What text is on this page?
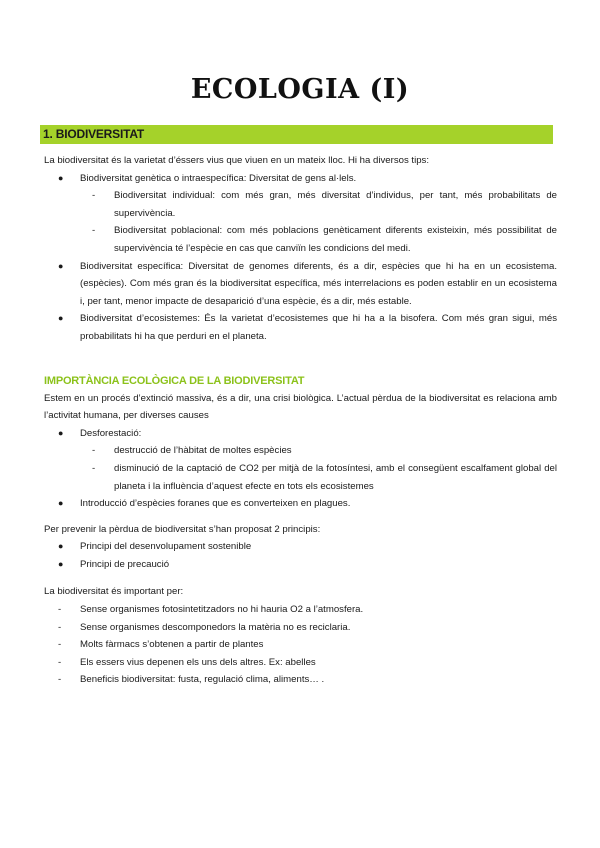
ECOLOGIA (I)
1. BIODIVERSITAT

La biodiversitat és la varietat d’éssers vius que viuen en un mateix lloc. Hi ha diversos tips:

● Biodiversitat genètica o intraespecífica: Diversitat de gens al·lels.
- Biodiversitat individual: com més gran, més diversitat d’individus, per tant, més probabilitats de supervivència.
- Biodiversitat poblacional: com més poblacions genèticament diferents existeixin, més possibilitat de supervivència té l’espècie en cas que canviïn les condicions del medi.
● Biodiversitat específica: Diversitat de genomes diferents, és a dir, espècies que hi ha en un ecosistema. (espècies). Com més gran és la biodiversitat específica, més interrelacions es poden establir en un ecosistema i, per tant, menor impacte de desaparició d’una espècie, és a dir, més estable.
● Biodiversitat d’ecosistemes: És la varietat d’ecosistemes que hi ha a la bisofera. Com més gran sigui, més probabilitats hi ha que perduri en el planeta.
IMPORTÀNCIA ECOLÒGICA DE LA BIODIVERSITAT

Estem en un procés d’extinció massiva, és a dir, una crisi biològica. L’actual pèrdua de la biodiversitat es relaciona amb l’activitat humana, per diverses causes

● Desforestació:
- destrucció de l’hàbitat de moltes espècies
- disminució de la captació de CO2 per mitjà de la fotosíntesi, amb el consegüent escalfament global del planeta i la influència d’aquest efecte en tots els ecosistemes
● Introducció d’espècies foranes que es converteixen en plagues.

Per prevenir la pèrdua de biodiversitat s’han proposat 2 principis:

● Principi del desenvolupament sostenible
● Principi de precaució

La biodiversitat és important per:

- Sense organismes fotosintetitzadors no hi hauria O2 a l’atmosfera.
- Sense organismes descomponedors la matèria no es reciclaria.
- Molts fàrmacs s’obtenen a partir de plantes
- Els essers vius depenen els uns dels altres. Ex: abelles
- Beneficis biodiversitat: fusta, regulació clima, aliments… .
